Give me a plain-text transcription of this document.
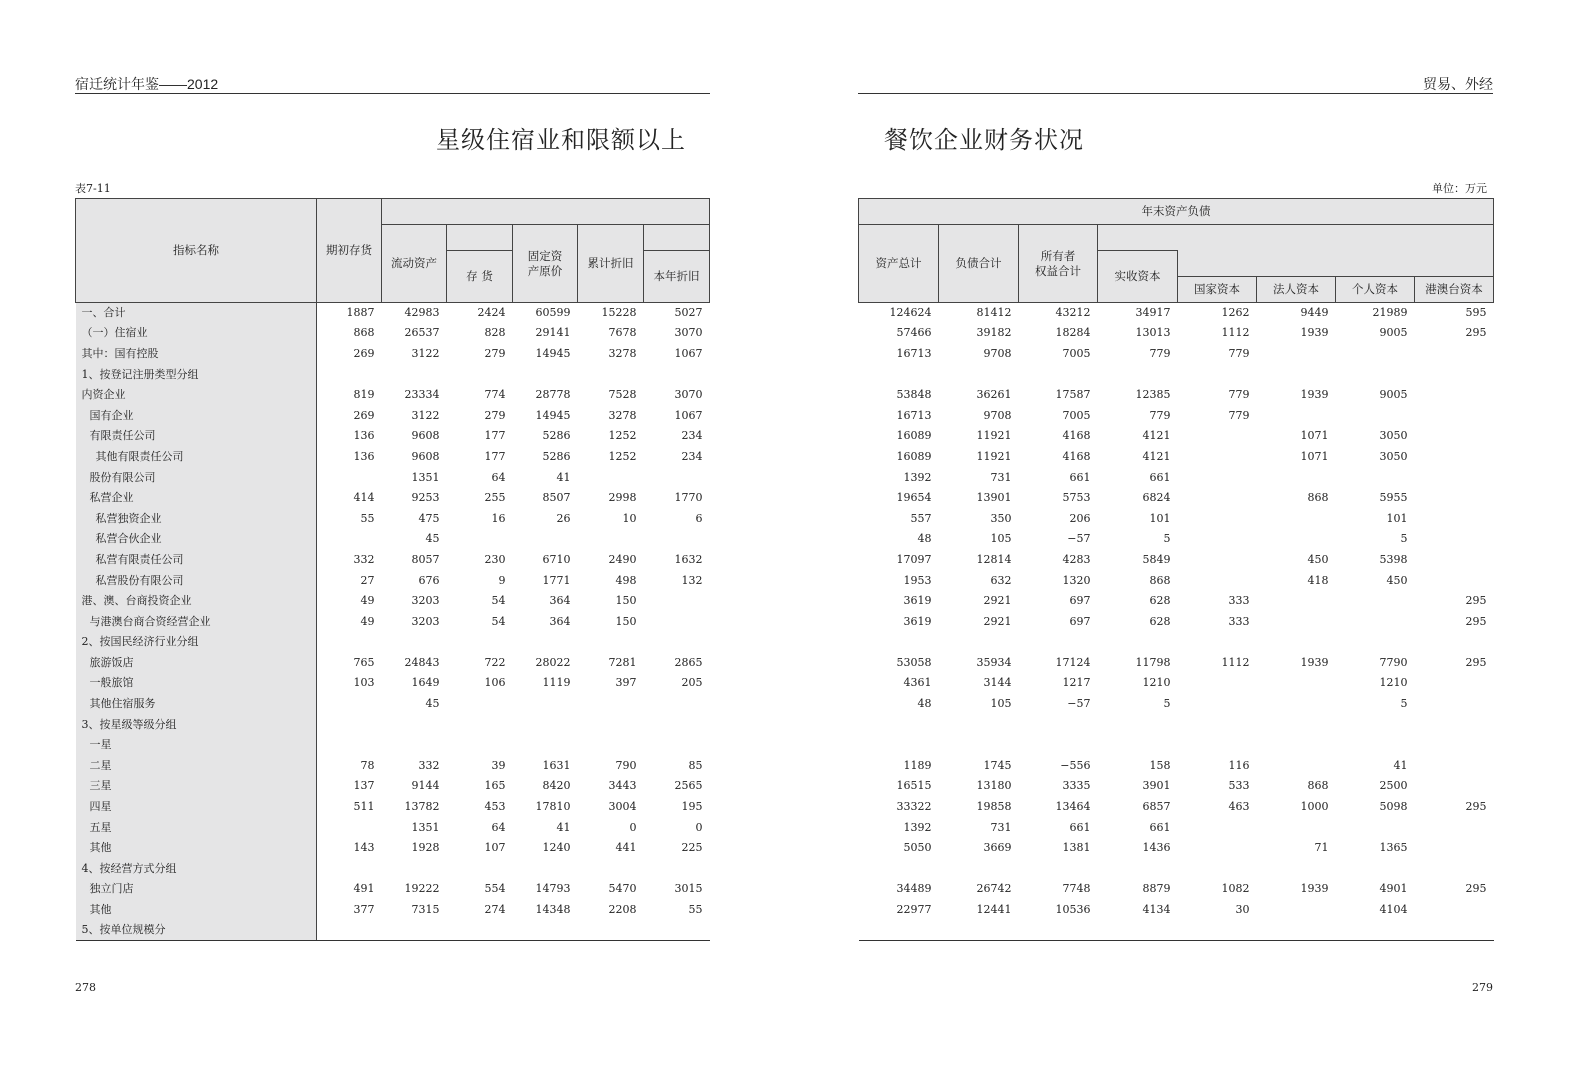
宿迁统计年鉴——2012
星级住宿业和限额以上
表7-11
指标名称	期初存货					
		流动资产		固定资
产原价	累计折旧	
			存 货			本年折旧

一、合计	1887	42983	2424	60599	15228	5027
（一）住宿业	868	26537	828	29141	7678	3070
其中：国有控股	269	3122	279	14945	3278	1067
1、按登记注册类型分组						
内资企业	819	23334	774	28778	7528	3070
国有企业	269	3122	279	14945	3278	1067
有限责任公司	136	9608	177	5286	1252	234
其他有限责任公司	136	9608	177	5286	1252	234
股份有限公司		1351	64	41		
私营企业	414	9253	255	8507	2998	1770
私营独资企业	55	475	16	26	10	6
私营合伙企业		45				
私营有限责任公司	332	8057	230	6710	2490	1632
私营股份有限公司	27	676	9	1771	498	132
港、澳、台商投资企业	49	3203	54	364	150	
与港澳台商合资经营企业	49	3203	54	364	150	
2、按国民经济行业分组						
旅游饭店	765	24843	722	28022	7281	2865
一般旅馆	103	1649	106	1119	397	205
其他住宿服务		45				
3、按星级等级分组						
一星						
二星	78	332	39	1631	790	85
三星	137	9144	165	8420	3443	2565
四星	511	13782	453	17810	3004	195
五星		1351	64	41	0	0
其他	143	1928	107	1240	441	225
4、按经营方式分组						
独立门店	491	19222	554	14793	5470	3015
其他	377	7315	274	14348	2208	55
5、按单位规模分						
278
贸易、外经
餐饮企业财务状况
单位：万元
年末资产负债							
资产总计	负债合计	所有者
权益合计					
			实收资本				
				国家资本	法人资本	个人资本	港澳台资本
124624	81412	43212	34917	1262	9449	21989	595
57466	39182	18284	13013	1112	1939	9005	295
16713	9708	7005	779	779			

53848	36261	17587	12385	779	1939	9005	
16713	9708	7005	779	779			
16089	11921	4168	4121		1071	3050	
16089	11921	4168	4121		1071	3050	
1392	731	661	661				
19654	13901	5753	6824		868	5955	
557	350	206	101			101	
48	105	−57	5			5	
17097	12814	4283	5849		450	5398	
1953	632	1320	868		418	450	
3619	2921	697	628	333			295
3619	2921	697	628	333			295

53058	35934	17124	11798	1112	1939	7790	295
4361	3144	1217	1210			1210	
48	105	−57	5			5	

1189	1745	−556	158	116		41	
16515	13180	3335	3901	533	868	2500	
33322	19858	13464	6857	463	1000	5098	295
1392	731	661	661				
5050	3669	1381	1436		71	1365	

34489	26742	7748	8879	1082	1939	4901	295
22977	12441	10536	4134	30		4104	

279
